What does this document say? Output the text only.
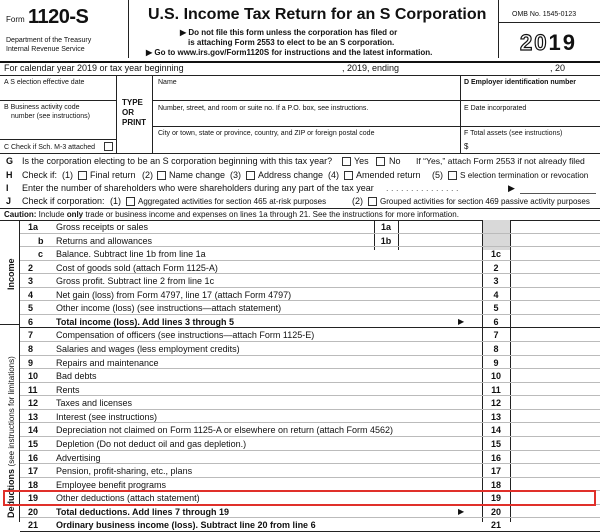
Form 1120-S
Department of the Treasury
Internal Revenue Service
U.S. Income Tax Return for an S Corporation
▶ Do not file this form unless the corporation has filed or
is attaching Form 2553 to elect to be an S corporation.
▶ Go to www.irs.gov/Form1120S for instructions and the latest information.
OMB No. 1545-0123
2019
For calendar year 2019 or tax year beginning	, 2019, ending	, 20
A S election effective date
B Business activity code
number (see instructions)
C Check if Sch. M-3 attached
TYPE
OR
PRINT
Name
Number, street, and room or suite no. If a P.O. box, see instructions.
City or town, state or province, country, and ZIP or foreign postal code
D Employer identification number
E Date incorporated
F Total assets (see instructions)
$
G Is the corporation electing to be an S corporation beginning with this tax year? Yes No If “Yes,” attach Form 2553 if not already filed
H Check if: (1) Final return (2) Name change (3) Address change (4) Amended return (5) S election termination or revocation
I Enter the number of shareholders who were shareholders during any part of the tax year . . . . . . . . . . . . . . .	▶
J Check if corporation: (1) Aggregated activities for section 465 at-risk purposes	(2) Grouped activities for section 469 passive activity purposes
Caution: Include only trade or business income and expenses on lines 1a through 21. See the instructions for more information.
Income
Deductions (see instructions for limitations)
1a Gross receipts or sales	1a
b Returns and allowances	1b
c Balance. Subtract line 1b from line 1a	1c
2	Cost of goods sold (attach Form 1125-A)	2
3	Gross profit. Subtract line 2 from line 1c	3
4	Net gain (loss) from Form 4797, line 17 (attach Form 4797)	4
5	Other income (loss) (see instructions—attach statement)	5
6	Total income (loss). Add lines 3 through 5	▶	6
7	Compensation of officers (see instructions—attach Form 1125-E)	7
8	Salaries and wages (less employment credits)	8
9	Repairs and maintenance	9
10 Bad debts	10
11 Rents	11
12 Taxes and licenses	12
13 Interest (see instructions)	13
14 Depreciation not claimed on Form 1125-A or elsewhere on return (attach Form 4562)	14
15 Depletion (Do not deduct oil and gas depletion.)	15
16 Advertising	16
17 Pension, profit-sharing, etc., plans	17
18 Employee benefit programs	18
19 Other deductions (attach statement)	19
20 Total deductions. Add lines 7 through 19	▶	20
21 Ordinary business income (loss). Subtract line 20 from line 6	21
